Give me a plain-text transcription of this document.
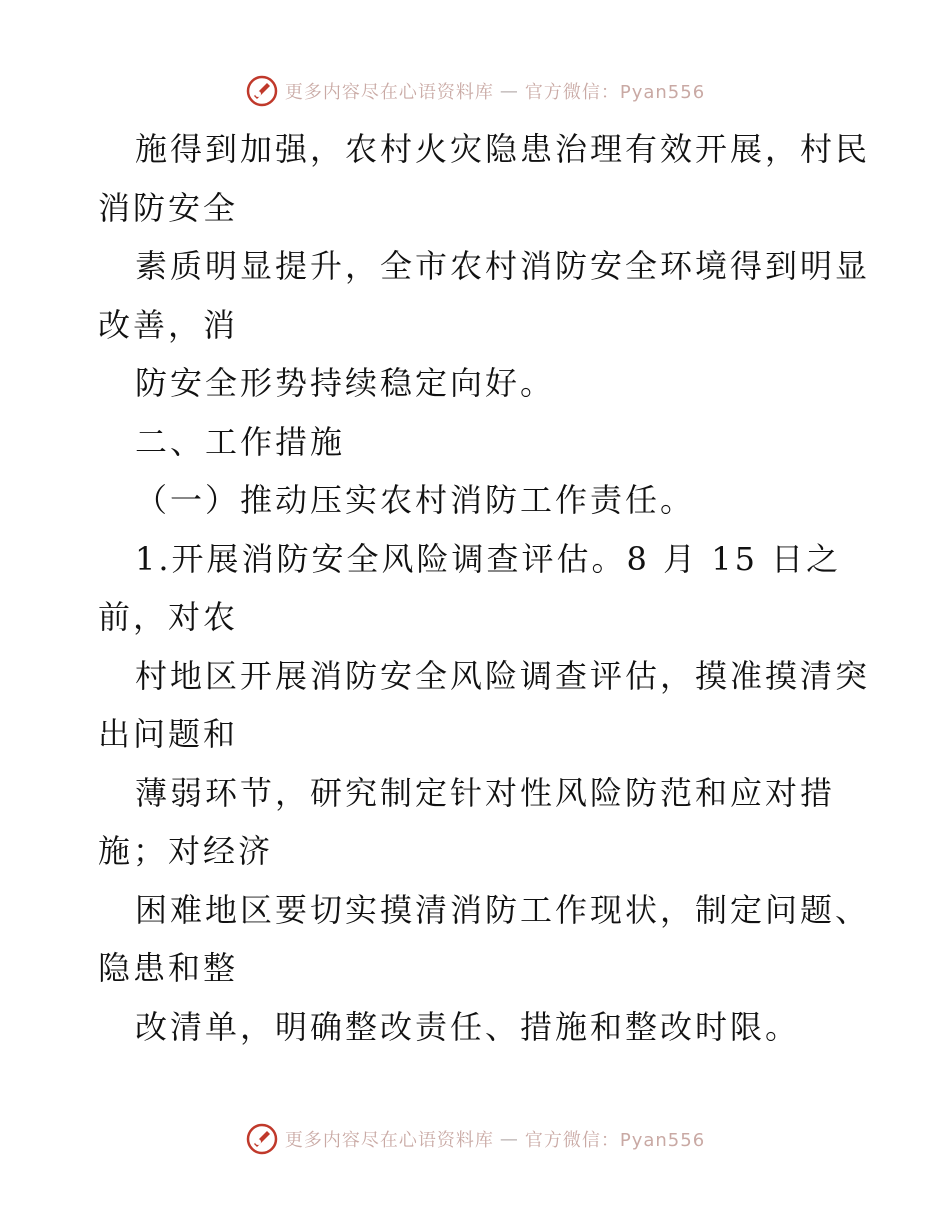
更多内容尽在心语资料库 — 官方微信：Pyan556
施得到加强，农村火灾隐患治理有效开展，村民
消防安全
素质明显提升，全市农村消防安全环境得到明显
改善，消
防安全形势持续稳定向好。
二、工作措施
（一）推动压实农村消防工作责任。
1.开展消防安全风险调查评估。8 月 15 日之
前，对农
村地区开展消防安全风险调查评估，摸准摸清突
出问题和
薄弱环节，研究制定针对性风险防范和应对措
施；对经济
困难地区要切实摸清消防工作现状，制定问题、
隐患和整
改清单，明确整改责任、措施和整改时限。
更多内容尽在心语资料库 — 官方微信：Pyan556
